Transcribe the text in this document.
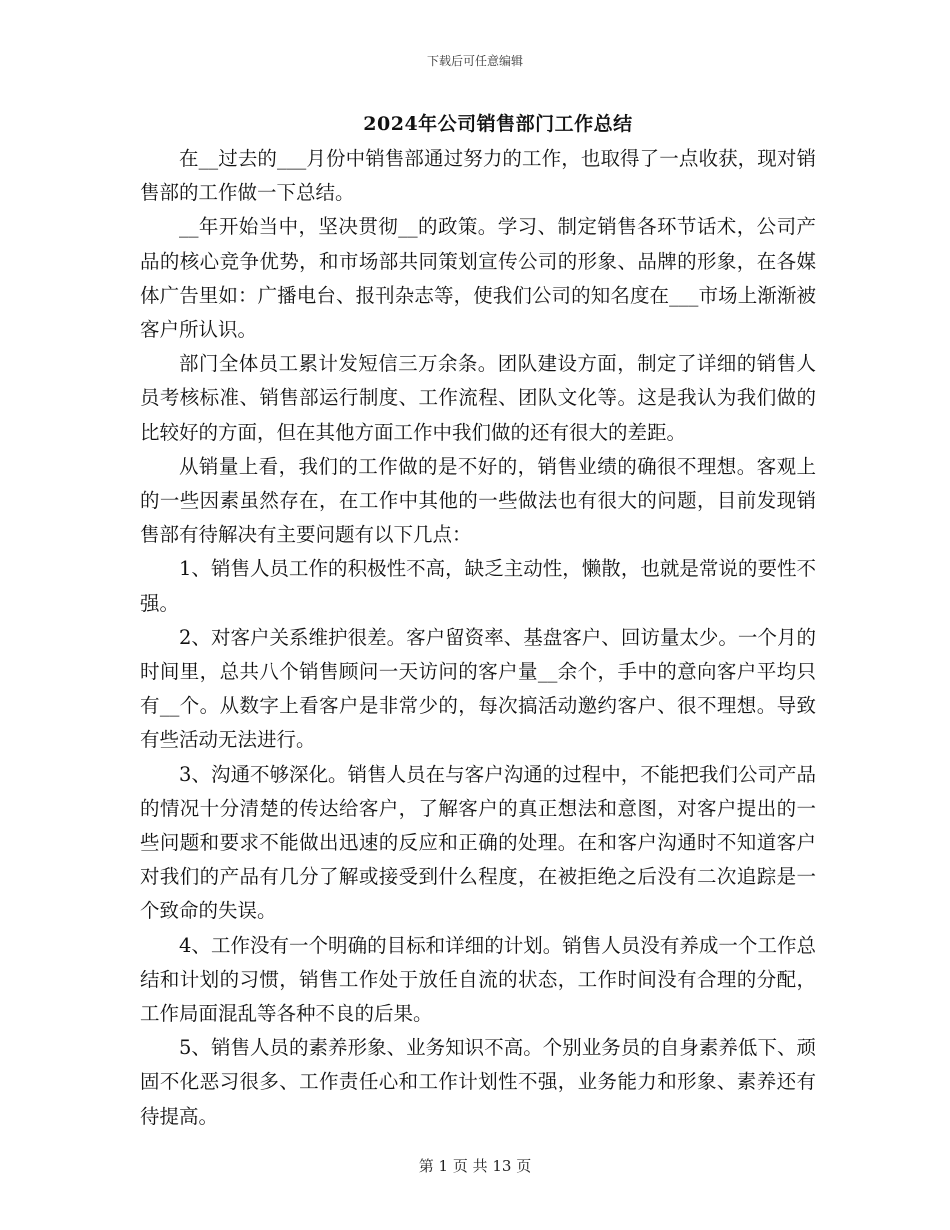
下载后可任意编辑
2024年公司销售部门工作总结

在__过去的___月份中销售部通过努力的工作，也取得了一点收获，现对销售部的工作做一下总结。

__年开始当中，坚决贯彻__的政策。学习、制定销售各环节话术，公司产品的核心竞争优势，和市场部共同策划宣传公司的形象、品牌的形象，在各媒体广告里如：广播电台、报刊杂志等，使我们公司的知名度在___市场上渐渐被客户所认识。

部门全体员工累计发短信三万余条。团队建设方面，制定了详细的销售人员考核标准、销售部运行制度、工作流程、团队文化等。这是我认为我们做的比较好的方面，但在其他方面工作中我们做的还有很大的差距。

从销量上看，我们的工作做的是不好的，销售业绩的确很不理想。客观上的一些因素虽然存在，在工作中其他的一些做法也有很大的问题，目前发现销售部有待解决有主要问题有以下几点：

1、销售人员工作的积极性不高，缺乏主动性，懒散，也就是常说的要性不强。

2、对客户关系维护很差。客户留资率、基盘客户、回访量太少。一个月的时间里，总共八个销售顾问一天访问的客户量__余个，手中的意向客户平均只有__个。从数字上看客户是非常少的，每次搞活动邀约客户、很不理想。导致有些活动无法进行。

3、沟通不够深化。销售人员在与客户沟通的过程中，不能把我们公司产品的情况十分清楚的传达给客户，了解客户的真正想法和意图，对客户提出的一些问题和要求不能做出迅速的反应和正确的处理。在和客户沟通时不知道客户对我们的产品有几分了解或接受到什么程度，在被拒绝之后没有二次追踪是一个致命的失误。

4、工作没有一个明确的目标和详细的计划。销售人员没有养成一个工作总结和计划的习惯，销售工作处于放任自流的状态，工作时间没有合理的分配，工作局面混乱等各种不良的后果。

5、销售人员的素养形象、业务知识不高。个别业务员的自身素养低下、顽固不化恶习很多、工作责任心和工作计划性不强，业务能力和形象、素养还有待提高。

第 1 页 共 13 页
